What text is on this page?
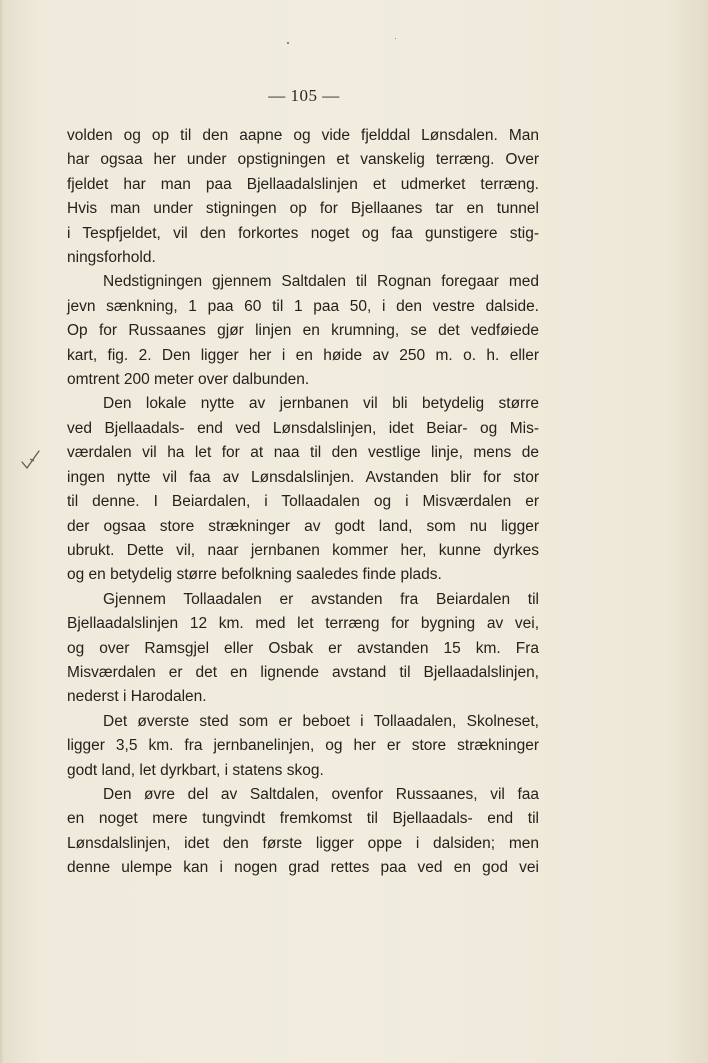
— 105 —

volden og op til den aapne og vide fjelddal Lønsdalen. Man

har ogsaa her under opstigningen et vanskelig terræng. Over

fjeldet har man paa Bjellaadalslinjen et udmerket terræng.

Hvis man under stigningen op for Bjellaanes tar en tunnel

i Tespfjeldet, vil den forkortes noget og faa gunstigere stig-

ningsforhold.

Nedstigningen gjennem Saltdalen til Rognan foregaar med

jevn sænkning, 1 paa 60 til 1 paa 50, i den vestre dalside.

Op for Russaanes gjør linjen en krumning, se det vedføiede

kart, fig. 2. Den ligger her i en høide av 250 m. o. h. eller

omtrent 200 meter over dalbunden.

Den lokale nytte av jernbanen vil bli betydelig større

ved Bjellaadals- end ved Lønsdalslinjen, idet Beiar- og Mis-

værdalen vil ha let for at naa til den vestlige linje, mens de

ingen nytte vil faa av Lønsdalslinjen. Avstanden blir for stor

til denne. I Beiardalen, i Tollaadalen og i Misværdalen er

der ogsaa store strækninger av godt land, som nu ligger

ubrukt. Dette vil, naar jernbanen kommer her, kunne dyrkes

og en betydelig større befolkning saaledes finde plads.

Gjennem Tollaadalen er avstanden fra Beiardalen til

Bjellaadalslinjen 12 km. med let terræng for bygning av vei,

og over Ramsgjel eller Osbak er avstanden 15 km. Fra

Misværdalen er det en lignende avstand til Bjellaadalslinjen,

nederst i Harodalen.

Det øverste sted som er beboet i Tollaadalen, Skolneset,

ligger 3,5 km. fra jernbanelinjen, og her er store strækninger

godt land, let dyrkbart, i statens skog.

Den øvre del av Saltdalen, ovenfor Russaanes, vil faa

en noget mere tungvindt fremkomst til Bjellaadals- end til

Lønsdalslinjen, idet den første ligger oppe i dalsiden; men

denne ulempe kan i nogen grad rettes paa ved en god vei
